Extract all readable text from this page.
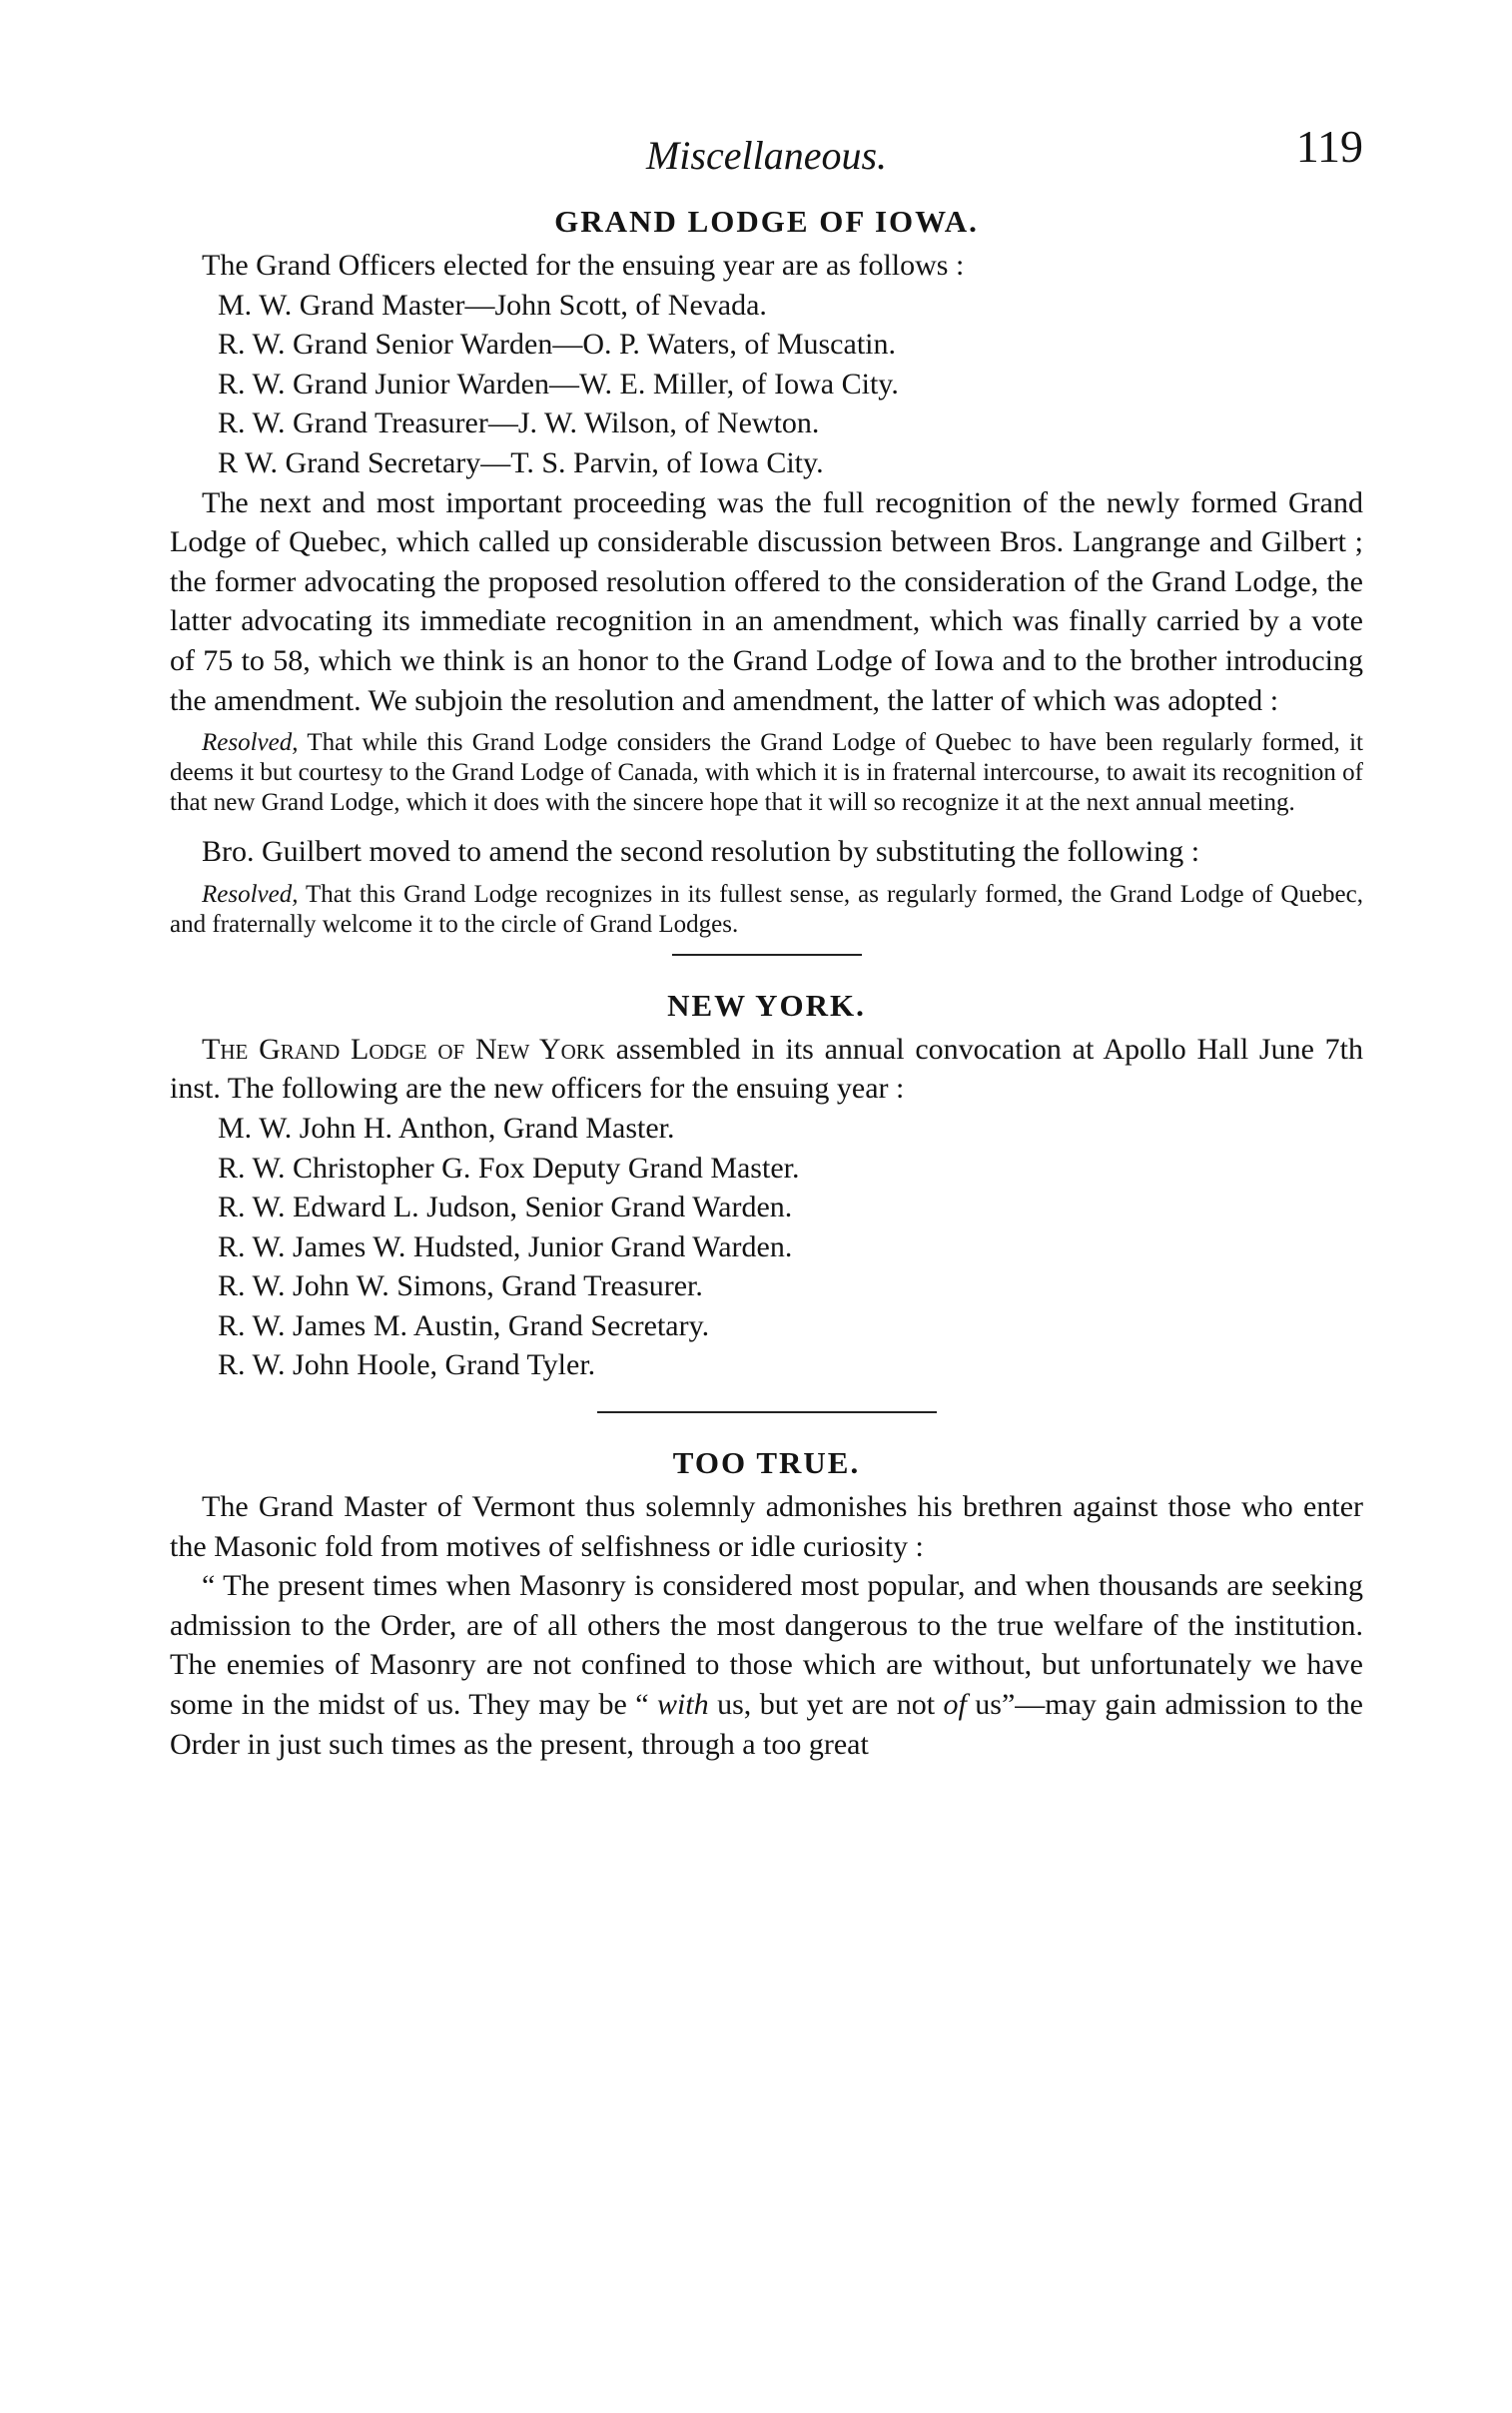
Miscellaneous.	119
GRAND LODGE OF IOWA.

The Grand Officers elected for the ensuing year are as follows :

M. W. Grand Master—John Scott, of Nevada.
R. W. Grand Senior Warden—O. P. Waters, of Muscatin.
R. W. Grand Junior Warden—W. E. Miller, of Iowa City.
R. W. Grand Treasurer—J. W. Wilson, of Newton.
R W. Grand Secretary—T. S. Parvin, of Iowa City.

The next and most important proceeding was the full recognition of the newly formed Grand Lodge of Quebec, which called up considerable discussion between Bros. Langrange and Gilbert ; the former advocating the proposed resolution offered to the consideration of the Grand Lodge, the latter advocating its immediate recognition in an amendment, which was finally carried by a vote of 75 to 58, which we think is an honor to the Grand Lodge of Iowa and to the brother introducing the amendment. We subjoin the resolution and amendment, the latter of which was adopted :

Resolved, That while this Grand Lodge considers the Grand Lodge of Quebec to have been regularly formed, it deems it but courtesy to the Grand Lodge of Canada, with which it is in fraternal intercourse, to await its recognition of that new Grand Lodge, which it does with the sincere hope that it will so recognize it at the next annual meeting.

Bro. Guilbert moved to amend the second resolution by substituting the following :

Resolved, That this Grand Lodge recognizes in its fullest sense, as regularly formed, the Grand Lodge of Quebec, and fraternally welcome it to the circle of Grand Lodges.

NEW YORK.

The Grand Lodge of New York assembled in its annual convocation at Apollo Hall June 7th inst. The following are the new officers for the ensuing year :

M. W. John H. Anthon, Grand Master.
R. W. Christopher G. Fox Deputy Grand Master.
R. W. Edward L. Judson, Senior Grand Warden.
R. W. James W. Hudsted, Junior Grand Warden.
R. W. John W. Simons, Grand Treasurer.
R. W. James M. Austin, Grand Secretary.
R. W. John Hoole, Grand Tyler.
TOO TRUE.

The Grand Master of Vermont thus solemnly admonishes his brethren against those who enter the Masonic fold from motives of selfishness or idle curiosity :

“ The present times when Masonry is considered most popular, and when thousands are seeking admission to the Order, are of all others the most dangerous to the true welfare of the institution. The enemies of Masonry are not confined to those which are without, but unfortunately we have some in the midst of us. They may be “ with us, but yet are not of us”—may gain admission to the Order in just such times as the present, through a too great
